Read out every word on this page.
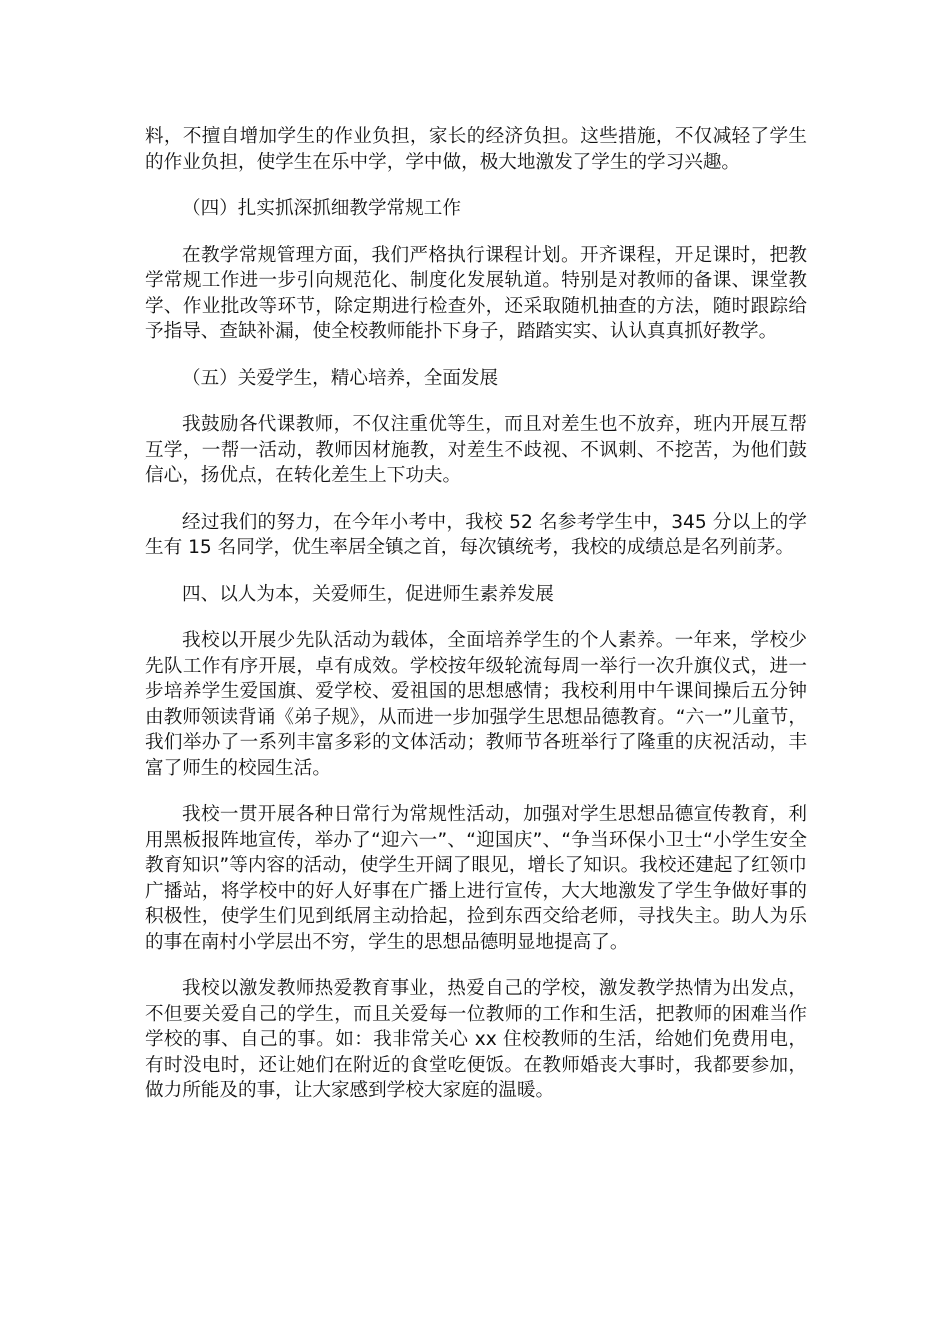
料，不擅自增加学生的作业负担，家长的经济负担。这些措施，不仅减轻了学生的作业负担，使学生在乐中学，学中做，极大地激发了学生的学习兴趣。

（四）扎实抓深抓细教学常规工作

在教学常规管理方面，我们严格执行课程计划。开齐课程，开足课时，把教学常规工作进一步引向规范化、制度化发展轨道。特别是对教师的备课、课堂教学、作业批改等环节，除定期进行检查外，还采取随机抽查的方法，随时跟踪给予指导、查缺补漏，使全校教师能扑下身子，踏踏实实、认认真真抓好教学。

（五）关爱学生，精心培养，全面发展

我鼓励各代课教师，不仅注重优等生，而且对差生也不放弃，班内开展互帮互学，一帮一活动，教师因材施教，对差生不歧视、不讽刺、不挖苦，为他们鼓信心，扬优点，在转化差生上下功夫。

经过我们的努力，在今年小考中，我校 52 名参考学生中，345 分以上的学生有 15 名同学，优生率居全镇之首，每次镇统考，我校的成绩总是名列前茅。

四、以人为本，关爱师生，促进师生素养发展

我校以开展少先队活动为载体，全面培养学生的个人素养。一年来，学校少先队工作有序开展，卓有成效。学校按年级轮流每周一举行一次升旗仪式，进一步培养学生爱国旗、爱学校、爱祖国的思想感情；我校利用中午课间操后五分钟由教师领读背诵《弟子规》，从而进一步加强学生思想品德教育。“六一”儿童节，我们举办了一系列丰富多彩的文体活动；教师节各班举行了隆重的庆祝活动，丰富了师生的校园生活。

我校一贯开展各种日常行为常规性活动，加强对学生思想品德宣传教育，利用黑板报阵地宣传，举办了“迎六一”、“迎国庆”、“争当环保小卫士“小学生安全教育知识”等内容的活动，使学生开阔了眼见，增长了知识。我校还建起了红领巾广播站，将学校中的好人好事在广播上进行宣传，大大地激发了学生争做好事的积极性，使学生们见到纸屑主动拾起，捡到东西交给老师，寻找失主。助人为乐的事在南村小学层出不穷，学生的思想品德明显地提高了。

我校以激发教师热爱教育事业，热爱自己的学校，激发教学热情为出发点，不但要关爱自己的学生，而且关爱每一位教师的工作和生活，把教师的困难当作学校的事、自己的事。如：我非常关心 xx 住校教师的生活，给她们免费用电，有时没电时，还让她们在附近的食堂吃便饭。在教师婚丧大事时，我都要参加，做力所能及的事，让大家感到学校大家庭的温暖。
